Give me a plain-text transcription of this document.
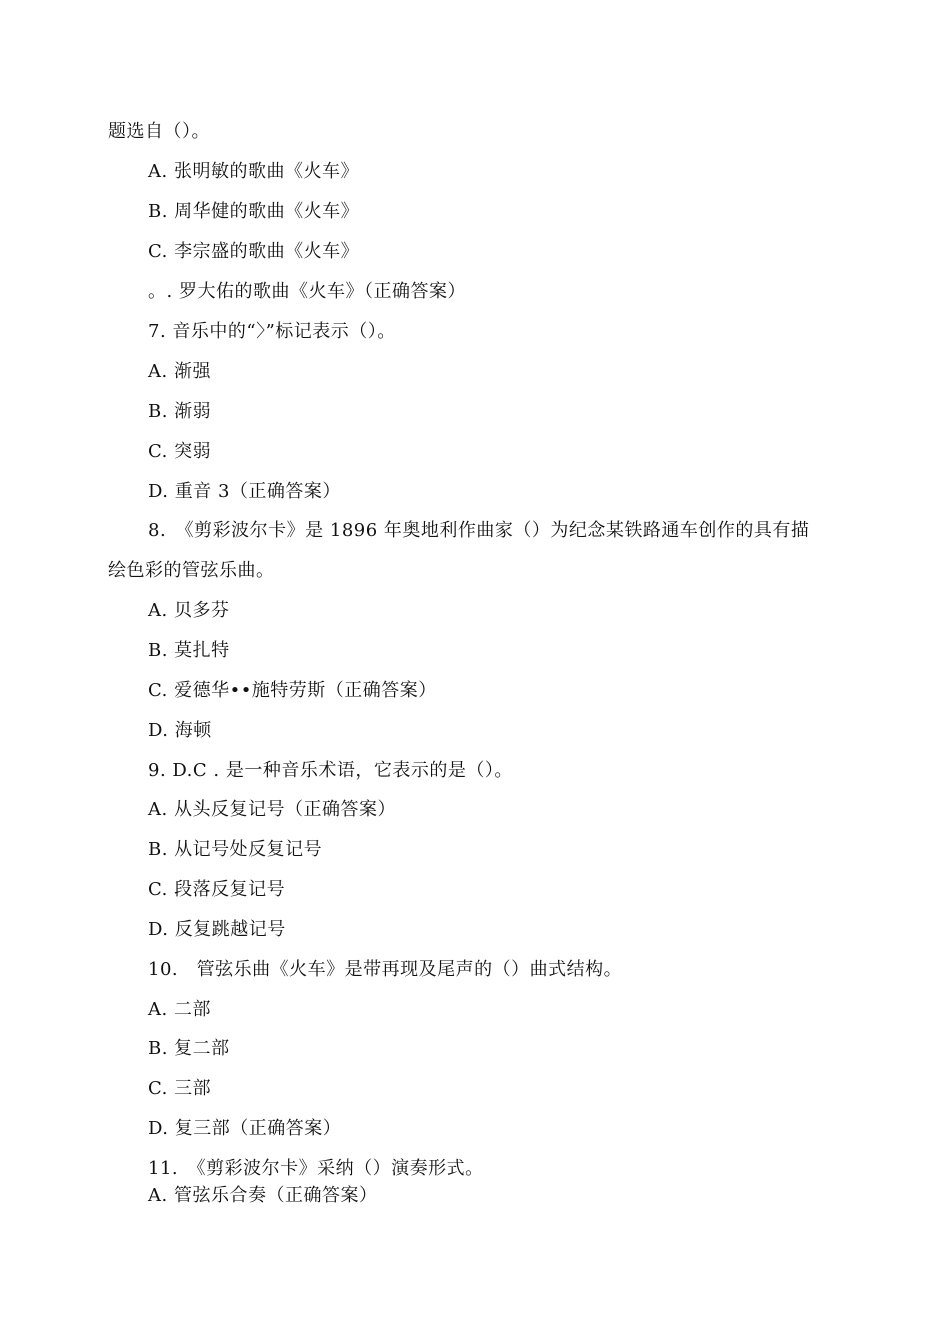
题选自（）。
A. 张明敏的歌曲《火车》
B. 周华健的歌曲《火车》
C. 李宗盛的歌曲《火车》
。. 罗大佑的歌曲《火车》（正确答案）
7. 音乐中的“〉”标记表示（）。
A. 渐强
B. 渐弱
C. 突弱
D. 重音 3（正确答案）
8.　《剪彩波尔卡》是 1896 年奥地利作曲家（）为纪念某铁路通车创作的具有描
绘色彩的管弦乐曲。
A. 贝多芬
B. 莫扎特
C. 爱德华••施特劳斯（正确答案）
D. 海顿
9. D.C . 是一种音乐术语，它表示的是（）。
A. 从头反复记号（正确答案）
B. 从记号处反复记号
C. 段落反复记号
D. 反复跳越记号
10.　管弦乐曲《火车》是带再现及尾声的（）曲式结构。
A. 二部
B. 复二部
C. 三部
D. 复三部（正确答案）
11.　《剪彩波尔卡》采纳（）演奏形式。
A. 管弦乐合奏（正确答案）
